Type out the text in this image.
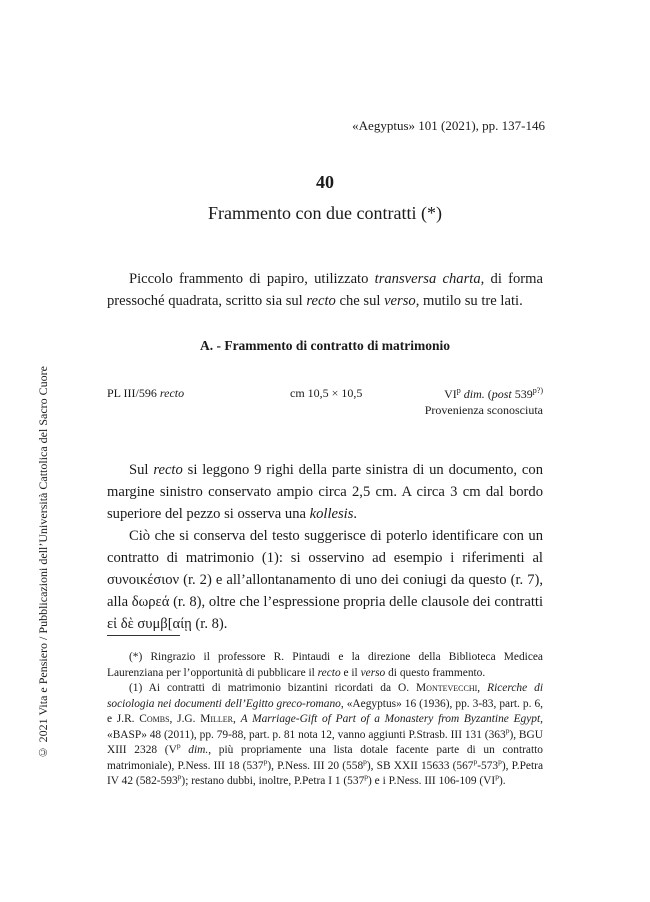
«Aegyptus» 101 (2021), pp. 137-146
40
Frammento con due contratti (*)

Piccolo frammento di papiro, utilizzato transversa charta, di forma pressoché quadrata, scritto sia sul recto che sul verso, mutilo su tre lati.

A. - Frammento di contratto di matrimonio
PL III/596 recto	cm 10,5 × 10,5	$VI^p$ dim. (post $539^{p?)}$
Provenienza sconosciuta

Sul recto si leggono 9 righi della parte sinistra di un documento, con margine sinistro conservato ampio circa 2,5 cm. A circa 3 cm dal bordo superiore del pezzo si osserva una kollesis.

Ciò che si conserva del testo suggerisce di poterlo identificare con un contratto di matrimonio (1): si osservino ad esempio i riferimenti al συνοικέσιον (r. 2) e all’allontanamento di uno dei coniugi da questo (r. 7), alla δωρεά (r. 8), oltre che l’espressione propria delle clausole dei contratti εἰ δὲ συμβ[αίῃ (r. 8).

(*) Ringrazio il professore R. Pintaudi e la direzione della Biblioteca Medicea Laurenziana per l’opportunità di pubblicare il recto e il verso di questo frammento.

(1) Ai contratti di matrimonio bizantini ricordati da O. Montevecchi, Ricerche di sociologia nei documenti dell’Egitto greco-romano, «Aegyptus» 16 (1936), pp. 3-83, part. p. 6, e J.R. Combs, J.G. Miller, A Marriage-Gift of Part of a Monastery from Byzantine Egypt, «BASP» 48 (2011), pp. 79-88, part. p. 81 nota 12, vanno aggiunti P.Strasb. III 131 (363$^p$), BGU XIII 2328 ($V^p$ dim., più propriamente una lista dotale facente parte di un contratto matrimoniale), P.Ness. III 18 (537$^p$), P.Ness. III 20 (558$^p$), SB XXII 15633 (567$^p$-573$^p$), P.Petra IV 42 (582-593$^p$); restano dubbi, inoltre, P.Petra I 1 (537$^p$) e i P.Ness. III 106-109 $(VI^p)$.

© 2021 Vita e Pensiero / Pubblicazioni dell’Università Cattolica del Sacro Cuore
